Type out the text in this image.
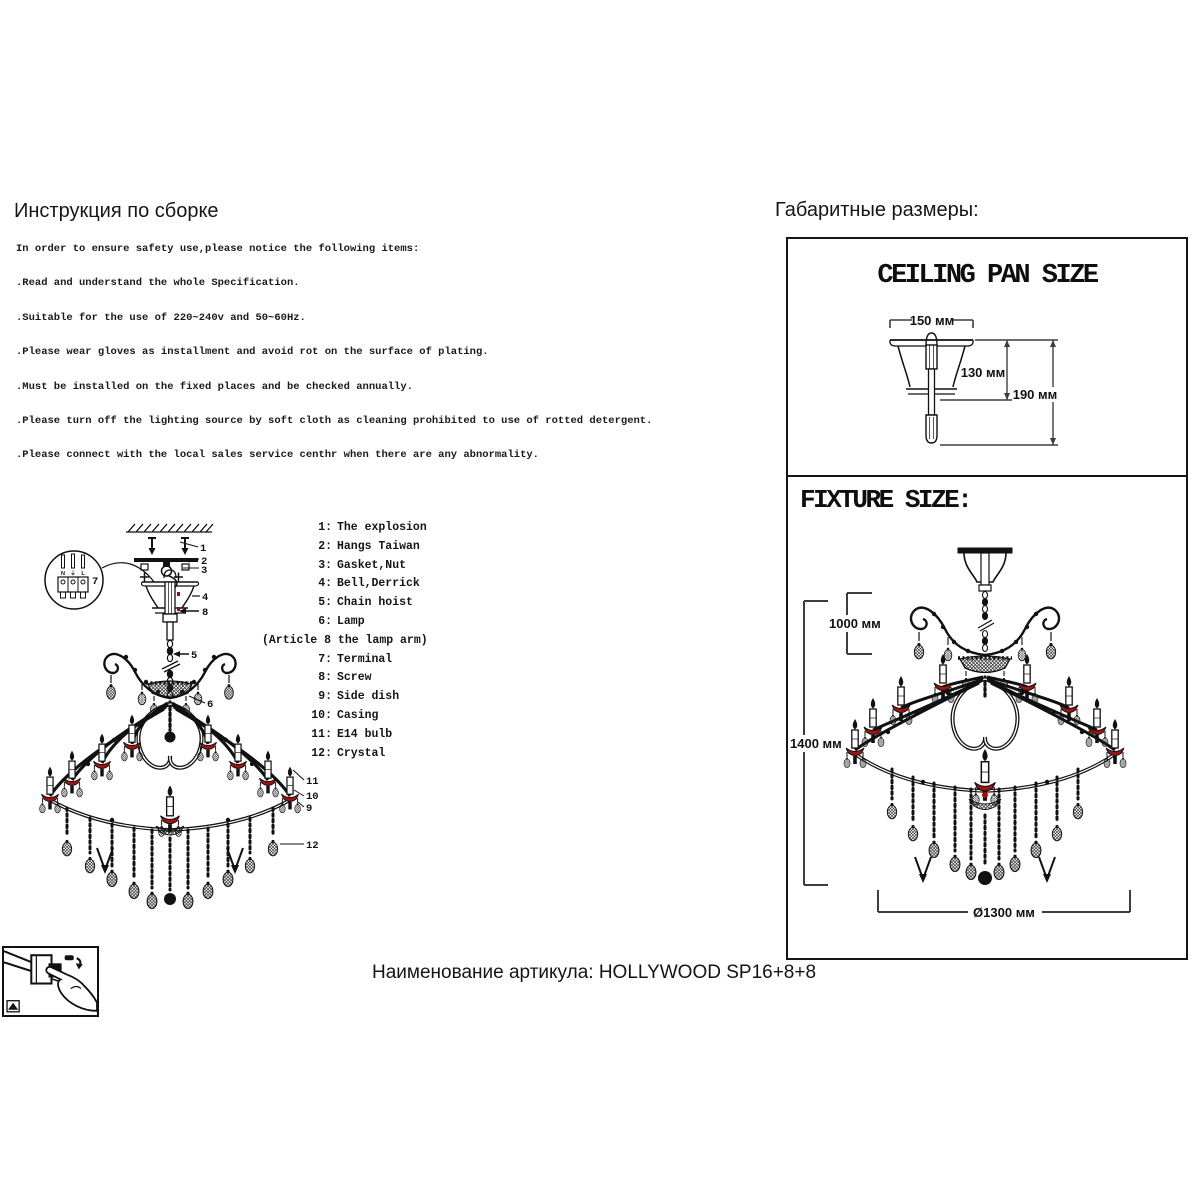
Инструкция по сборке

In order to ensure safety use,please notice the following items:

.Read and understand the whole Specification.

.Suitable for the use of 220~240v and 50~60Hz.

.Please wear gloves as installment and avoid rot on the surface of plating.

.Must be installed on the fixed places and be checked annually.

.Please turn off the lighting source by soft cloth as cleaning prohibited to use of rotted detergent.

.Please connect with the local sales service centhr when there are any abnormality.

1
2
3
N ⏚ L
7
4
8
5
6
11
10
9
12
1: The explosion
2: Hangs Taiwan
3: Gasket,Nut
4: Bell,Derrick
5: Chain hoist
6: Lamp
(Article 8 the lamp arm)
7: Terminal
8: Screw
9: Side dish
10: Casing
11: E14 bulb
12: Crystal
Габаритные размеры:
CEILING PAN SIZE
150 мм
130 мм
190 мм
FIXTURE SIZE:
1000 мм
1400 мм
Ø1300 мм
Наименование артикула: HOLLYWOOD SP16+8+8
